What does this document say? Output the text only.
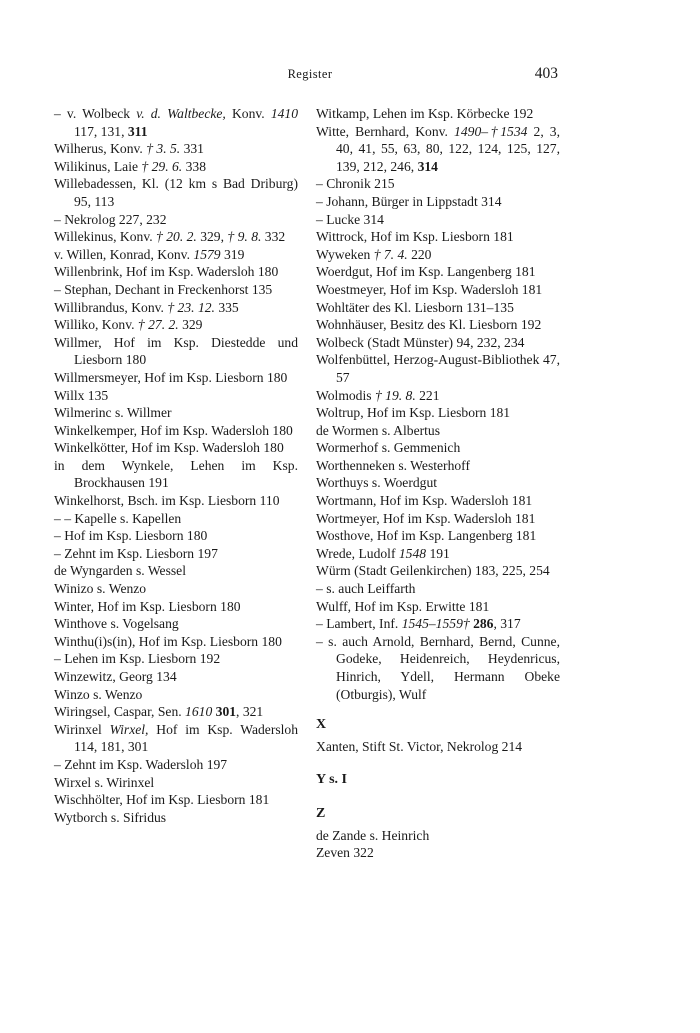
Register	403

– v. Wolbeck v. d. Waltbecke, Konv. 1410 117, 131, 311

Wilherus, Konv. † 3. 5. 331

Wilikinus, Laie † 29. 6. 338

Willebadessen, Kl. (12 km s Bad Driburg) 95, 113

– Nekrolog 227, 232

Willekinus, Konv. † 20. 2. 329, † 9. 8. 332

v. Willen, Konrad, Konv. 1579 319

Willenbrink, Hof im Ksp. Wadersloh 180

– Stephan, Dechant in Freckenhorst 135

Willibrandus, Konv. † 23. 12. 335

Williko, Konv. † 27. 2. 329

Willmer, Hof im Ksp. Diestedde und Liesborn 180

Willmersmeyer, Hof im Ksp. Liesborn 180

Willx 135

Wilmerinc s. Willmer

Winkelkemper, Hof im Ksp. Wadersloh 180

Winkelkötter, Hof im Ksp. Wadersloh 180

in dem Wynkele, Lehen im Ksp. Brockhausen 191

Winkelhorst, Bsch. im Ksp. Liesborn 110

– – Kapelle s. Kapellen

– Hof im Ksp. Liesborn 180

– Zehnt im Ksp. Liesborn 197

de Wyngarden s. Wessel

Winizo s. Wenzo

Winter, Hof im Ksp. Liesborn 180

Winthove s. Vogelsang

Winthu(i)s(in), Hof im Ksp. Liesborn 180

– Lehen im Ksp. Liesborn 192

Winzewitz, Georg 134

Winzo s. Wenzo

Wiringsel, Caspar, Sen. 1610 301, 321

Wirinxel Wirxel, Hof im Ksp. Wadersloh 114, 181, 301

– Zehnt im Ksp. Wadersloh 197

Wirxel s. Wirinxel

Wischhölter, Hof im Ksp. Liesborn 181

Wytborch s. Sifridus

Witkamp, Lehen im Ksp. Körbecke 192

Witte, Bernhard, Konv. 1490–†1534 2, 3, 40, 41, 55, 63, 80, 122, 124, 125, 127, 139, 212, 246, 314

– Chronik 215

– Johann, Bürger in Lippstadt 314

– Lucke 314

Wittrock, Hof im Ksp. Liesborn 181

Wyweken † 7. 4. 220

Woerdgut, Hof im Ksp. Langenberg 181

Woestmeyer, Hof im Ksp. Wadersloh 181

Wohltäter des Kl. Liesborn 131–135

Wohnhäuser, Besitz des Kl. Liesborn 192

Wolbeck (Stadt Münster) 94, 232, 234

Wolfenbüttel, Herzog-August-Bibliothek 47, 57

Wolmodis † 19. 8. 221

Woltrup, Hof im Ksp. Liesborn 181

de Wormen s. Albertus

Wormerhof s. Gemmenich

Worthenneken s. Westerhoff

Worthuys s. Woerdgut

Wortmann, Hof im Ksp. Wadersloh 181

Wortmeyer, Hof im Ksp. Wadersloh 181

Wosthove, Hof im Ksp. Langenberg 181

Wrede, Ludolf 1548 191

Würm (Stadt Geilenkirchen) 183, 225, 254

– s. auch Leiffarth

Wulff, Hof im Ksp. Erwitte 181

– Lambert, Inf. 1545–1559† 286, 317

– s. auch Arnold, Bernhard, Bernd, Cunne, Godeke, Heidenreich, Heydenricus, Hinrich, Ydell, Hermann Obeke (Otburgis), Wulf

X

Xanten, Stift St. Victor, Nekrolog 214

Y s. I
Z

de Zande s. Heinrich

Zeven 322
